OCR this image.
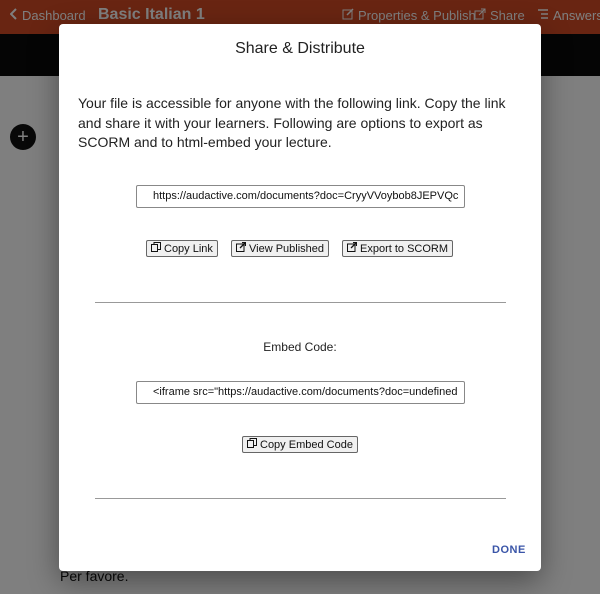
Share & Distribute
Your file is accessible for anyone with the following link. Copy the link and share it with your learners. Following are options to export as SCORM and to html-embed your lecture.
https://audactive.com/documents?doc=CryyVVoybob8JEPVQc
Copy Link	View Published	Export to SCORM
Embed Code:
<iframe src="https://audactive.com/documents?doc=undefined
Copy Embed Code
DONE
